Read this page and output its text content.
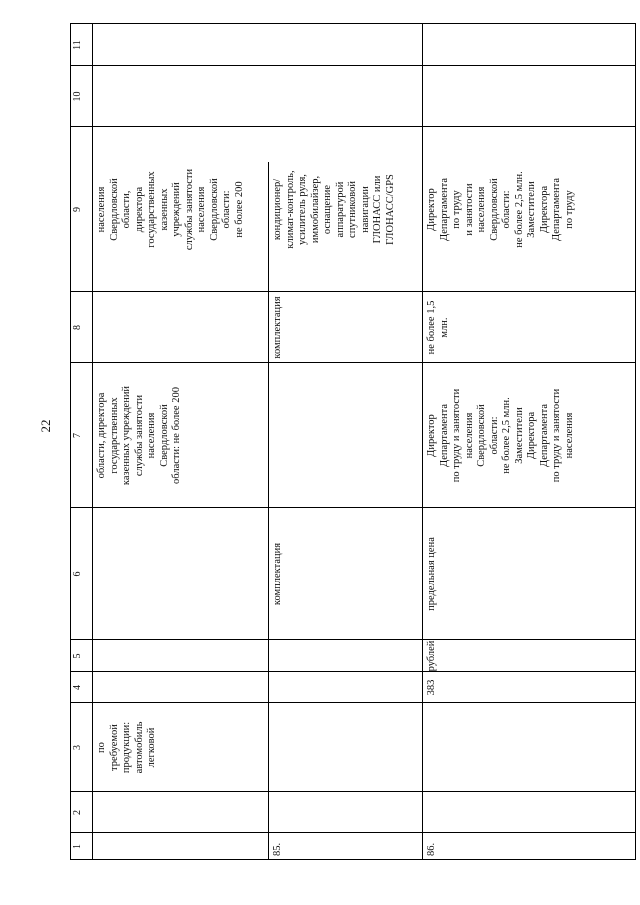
22
1
2
3
4
5
6
7
8
9
10
11
по
требуемой
продукции:
автомобиль
легковой
области, директора
государственных
казенных учреждений
службы занятости
населения
Свердловской
области: не более 200
населения
Свердловской
области,
директора
государственных
казенных
учреждений
службы занятости
населения
Свердловской
области:
не более 200
85.
комплектация
комплектация
кондиционер/
климат-контроль,
усилитель руля,
иммобилайзер,
оснащение
аппаратурой
спутниковой
навигации
ГЛОНАСС или
ГЛОНАСС/GPS
86.
383
рублей
предельная цена
Директор
Департамента
по труду и занятости
населения
Свердловской
области:
не более 2,5 млн.
Заместители
Директора
Департамента
по труду и занятости
населения
не более 1,5
млн.
Директор
Департамента
по труду
и занятости
населения
Свердловской
области:
не более 2,5 млн.
Заместители
Директора
Департамента
по труду
